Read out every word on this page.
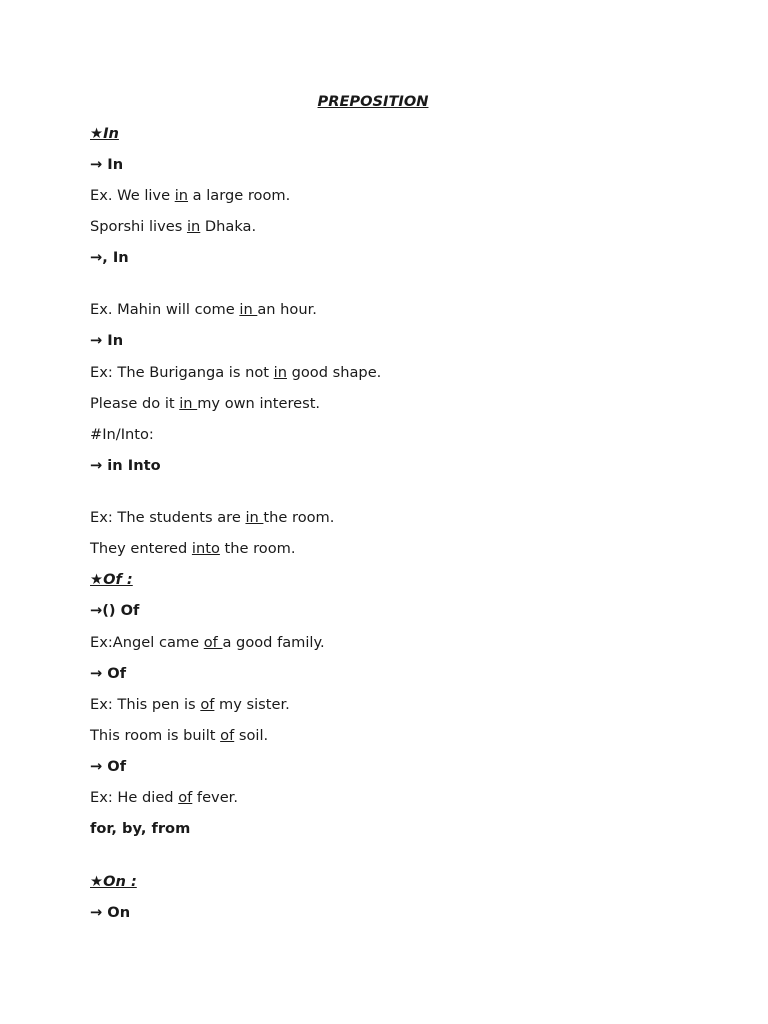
PREPOSITION
★In
→ In
Ex. We live in a large room.
Sporshi lives in Dhaka.
→, In
Ex. Mahin will come in an hour.
→ In
Ex: The Buriganga is not in good shape.
Please do it in my own interest.
#In/Into:
→ in Into
Ex: The students are in the room.
They entered into the room.
★Of :
→() Of
Ex:Angel came of a good family.
→ Of
Ex: This pen is of my sister.
This room is built of soil.
→ Of
Ex: He died of fever.
for, by, from
★On :
→ On
